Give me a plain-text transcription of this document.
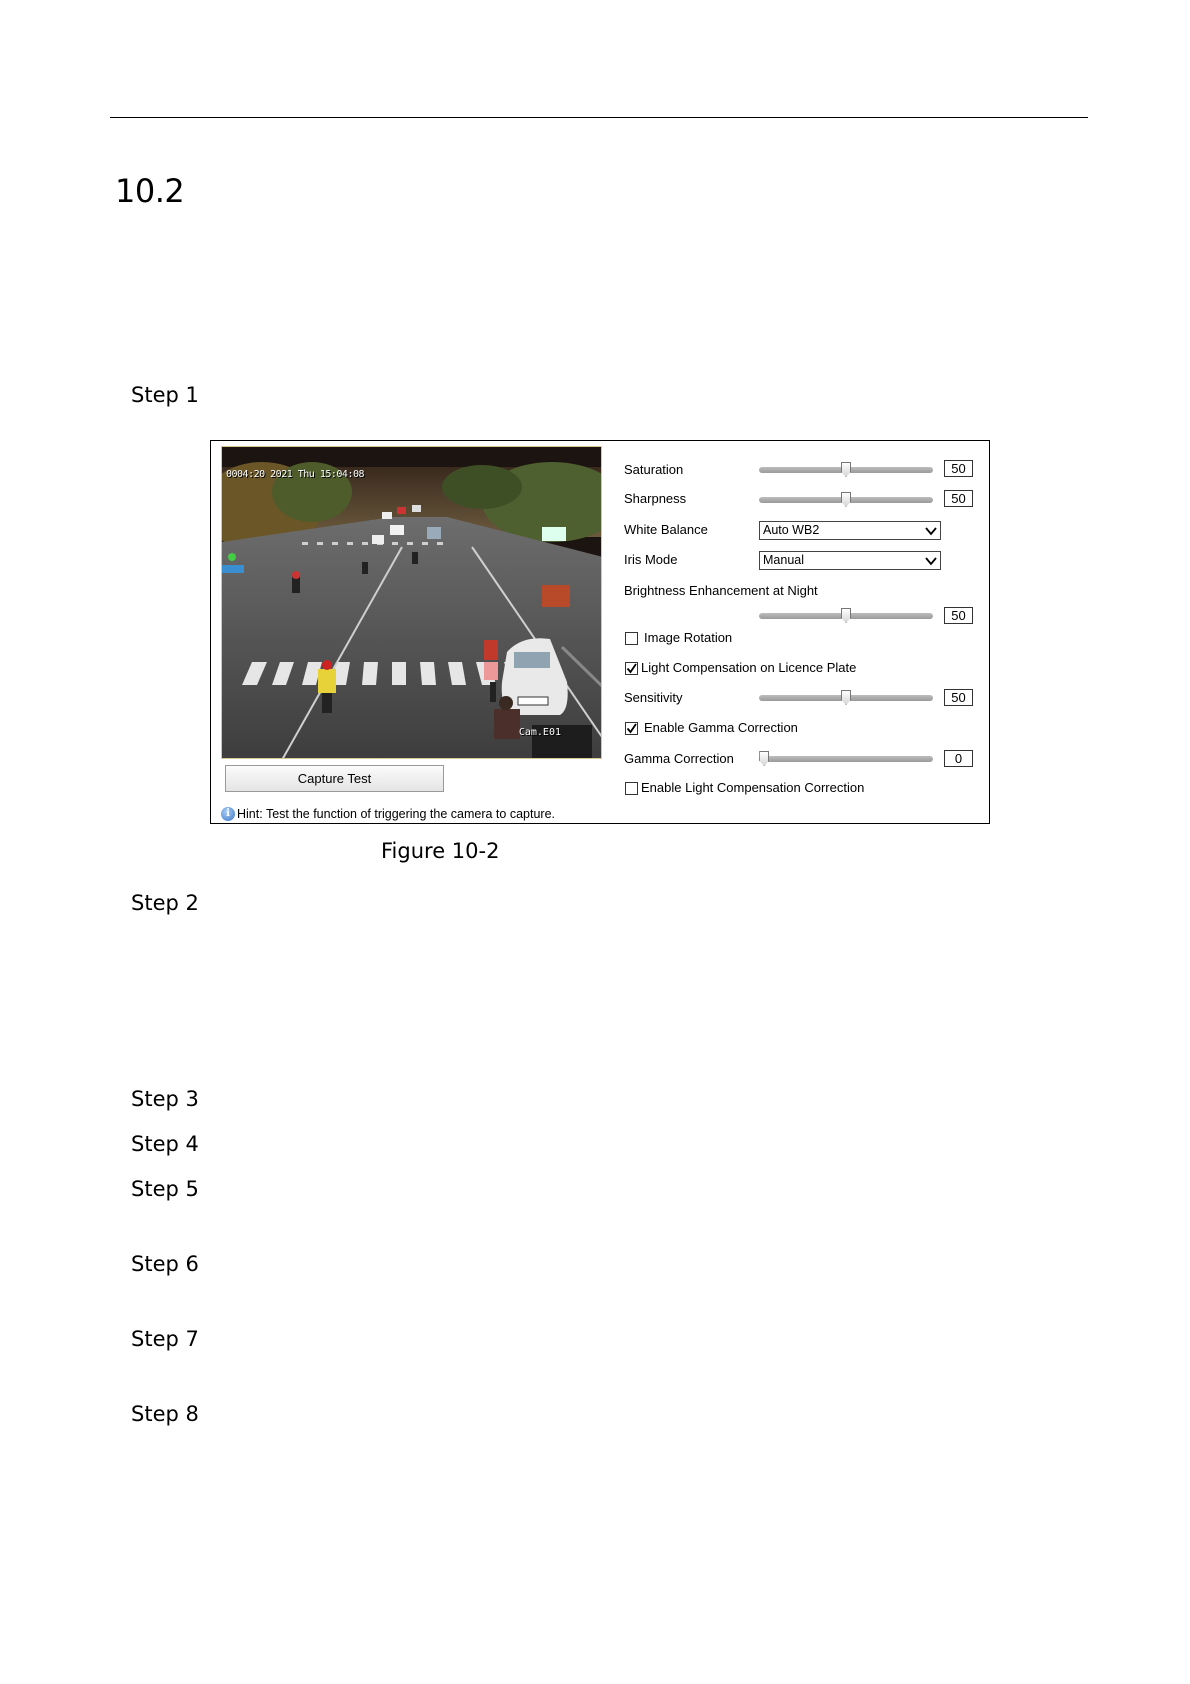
10.2
Step 1
0004:20 2021 Thu 15:04:08
Cam.E01
Capture Test
i Hint: Test the function of triggering the camera to capture.
Saturation	50
Sharpness	50
White Balance	Auto WB2
Iris Mode	Manual
Brightness Enhancement at Night
50
Image Rotation
Light Compensation on Licence Plate
Sensitivity	50
Enable Gamma Correction
Gamma Correction	0
Enable Light Compensation Correction
Figure 10-2
Step 2
Step 3
Step 4
Step 5
Step 6
Step 7
Step 8
